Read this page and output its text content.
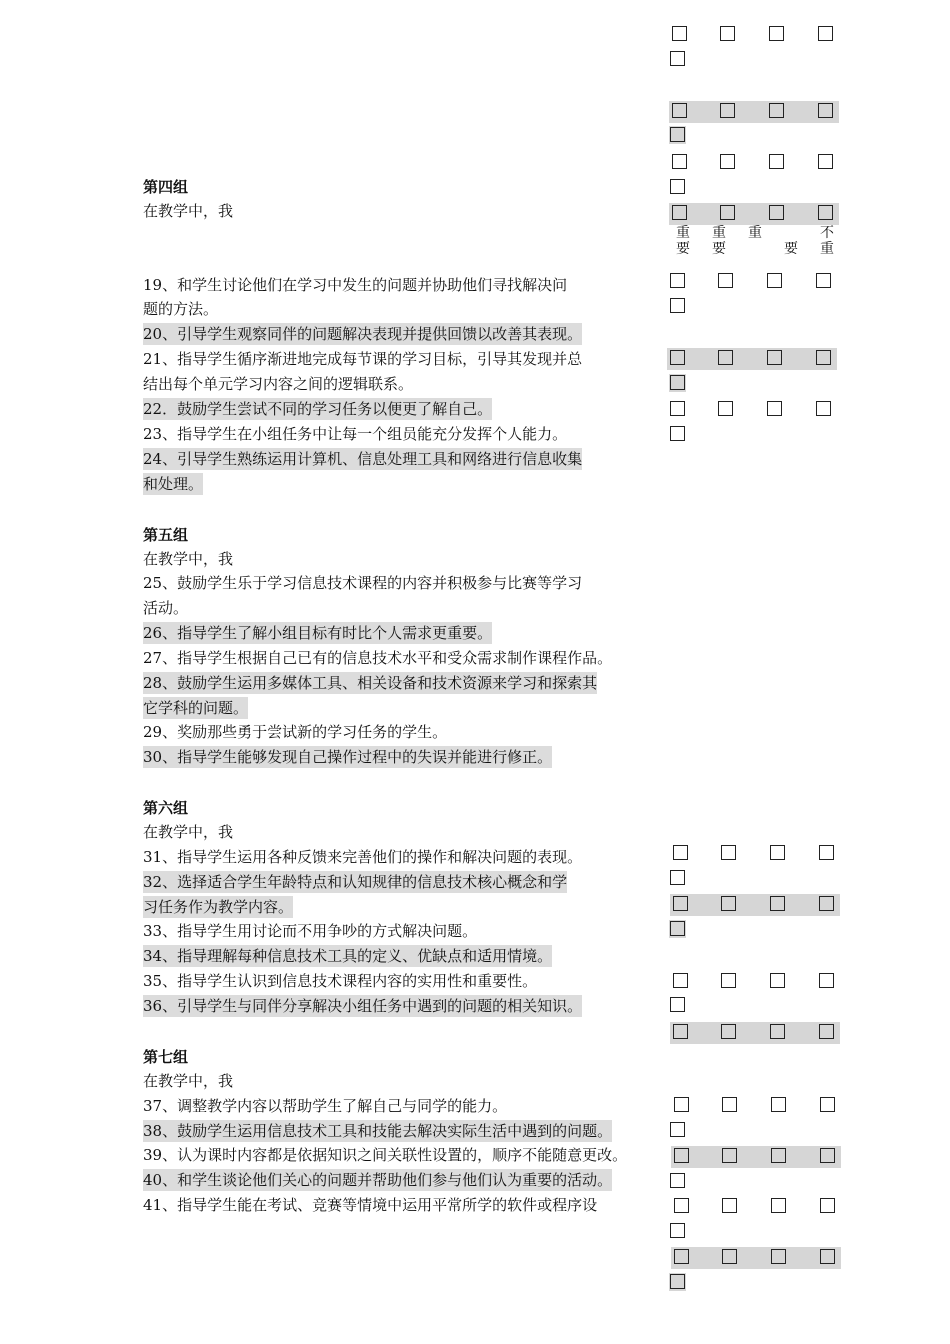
第四组
在教学中，我
重要
重要
重
要
不重
19、和学生讨论他们在学习中发生的问题并协助他们寻找解决问
题的方法。
20、引导学生观察同伴的问题解决表现并提供回馈以改善其表现。
21、指导学生循序渐进地完成每节课的学习目标，引导其发现并总
结出每个单元学习内容之间的逻辑联系。
22．鼓励学生尝试不同的学习任务以便更了解自己。
23、指导学生在小组任务中让每一个组员能充分发挥个人能力。
24、引导学生熟练运用计算机、信息处理工具和网络进行信息收集
和处理。
第五组
在教学中，我
25、鼓励学生乐于学习信息技术课程的内容并积极参与比赛等学习
活动。
26、指导学生了解小组目标有时比个人需求更重要。
27、指导学生根据自己已有的信息技术水平和受众需求制作课程作品。
28、鼓励学生运用多媒体工具、相关设备和技术资源来学习和探索其
它学科的问题。
29、奖励那些勇于尝试新的学习任务的学生。
30、指导学生能够发现自己操作过程中的失误并能进行修正。
第六组
在教学中，我
31、指导学生运用各种反馈来完善他们的操作和解决问题的表现。
32、选择适合学生年龄特点和认知规律的信息技术核心概念和学
习任务作为教学内容。
33、指导学生用讨论而不用争吵的方式解决问题。
34、指导理解每种信息技术工具的定义、优缺点和适用情境。
35、指导学生认识到信息技术课程内容的实用性和重要性。
36、引导学生与同伴分享解决小组任务中遇到的问题的相关知识。
第七组
在教学中，我
37、调整教学内容以帮助学生了解自己与同学的能力。
38、鼓励学生运用信息技术工具和技能去解决实际生活中遇到的问题。
39、认为课时内容都是依据知识之间关联性设置的，顺序不能随意更改。
40、和学生谈论他们关心的问题并帮助他们参与他们认为重要的活动。
41、指导学生能在考试、竞赛等情境中运用平常所学的软件或程序设
